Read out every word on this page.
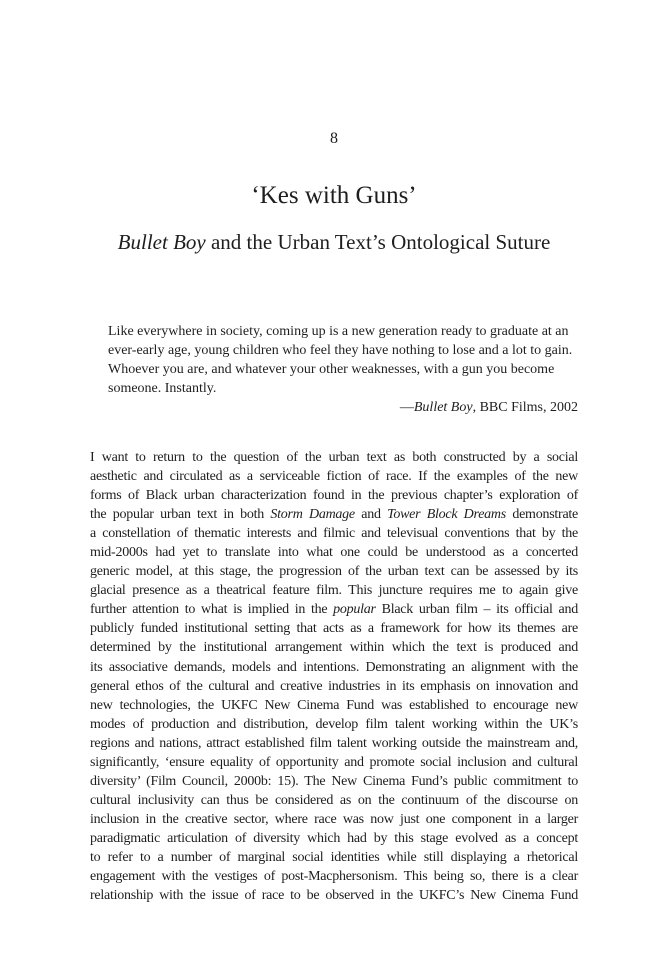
8
‘Kes with Guns’
Bullet Boy and the Urban Text’s Ontological Suture

Like everywhere in society, coming up is a new generation ready to graduate at an ever-early age, young children who feel they have nothing to lose and a lot to gain. Whoever you are, and whatever your other weaknesses, with a gun you become someone. Instantly.

—Bullet Boy, BBC Films, 2002

I want to return to the question of the urban text as both constructed by a social
aesthetic and circulated as a serviceable fiction of race. If the examples of the new
forms of Black urban characterization found in the previous chapter’s exploration of
the popular urban text in both Storm Damage and Tower Block Dreams demonstrate
a constellation of thematic interests and filmic and televisual conventions that by the
mid-2000s had yet to translate into what one could be understood as a concerted
generic model, at this stage, the progression of the urban text can be assessed by its
glacial presence as a theatrical feature film. This juncture requires me to again give
further attention to what is implied in the popular Black urban film – its official and
publicly funded institutional setting that acts as a framework for how its themes are
determined by the institutional arrangement within which the text is produced and
its associative demands, models and intentions. Demonstrating an alignment with the
general ethos of the cultural and creative industries in its emphasis on innovation and
new technologies, the UKFC New Cinema Fund was established to encourage new
modes of production and distribution, develop film talent working within the UK’s
regions and nations, attract established film talent working outside the mainstream and,
significantly, ‘ensure equality of opportunity and promote social inclusion and cultural
diversity’ (Film Council, 2000b: 15). The New Cinema Fund’s public commitment to
cultural inclusivity can thus be considered as on the continuum of the discourse on
inclusion in the creative sector, where race was now just one component in a larger
paradigmatic articulation of diversity which had by this stage evolved as a concept
to refer to a number of marginal social identities while still displaying a rhetorical
engagement with the vestiges of post-Macphersonism. This being so, there is a clear
relationship with the issue of race to be observed in the UKFC’s New Cinema Fund
